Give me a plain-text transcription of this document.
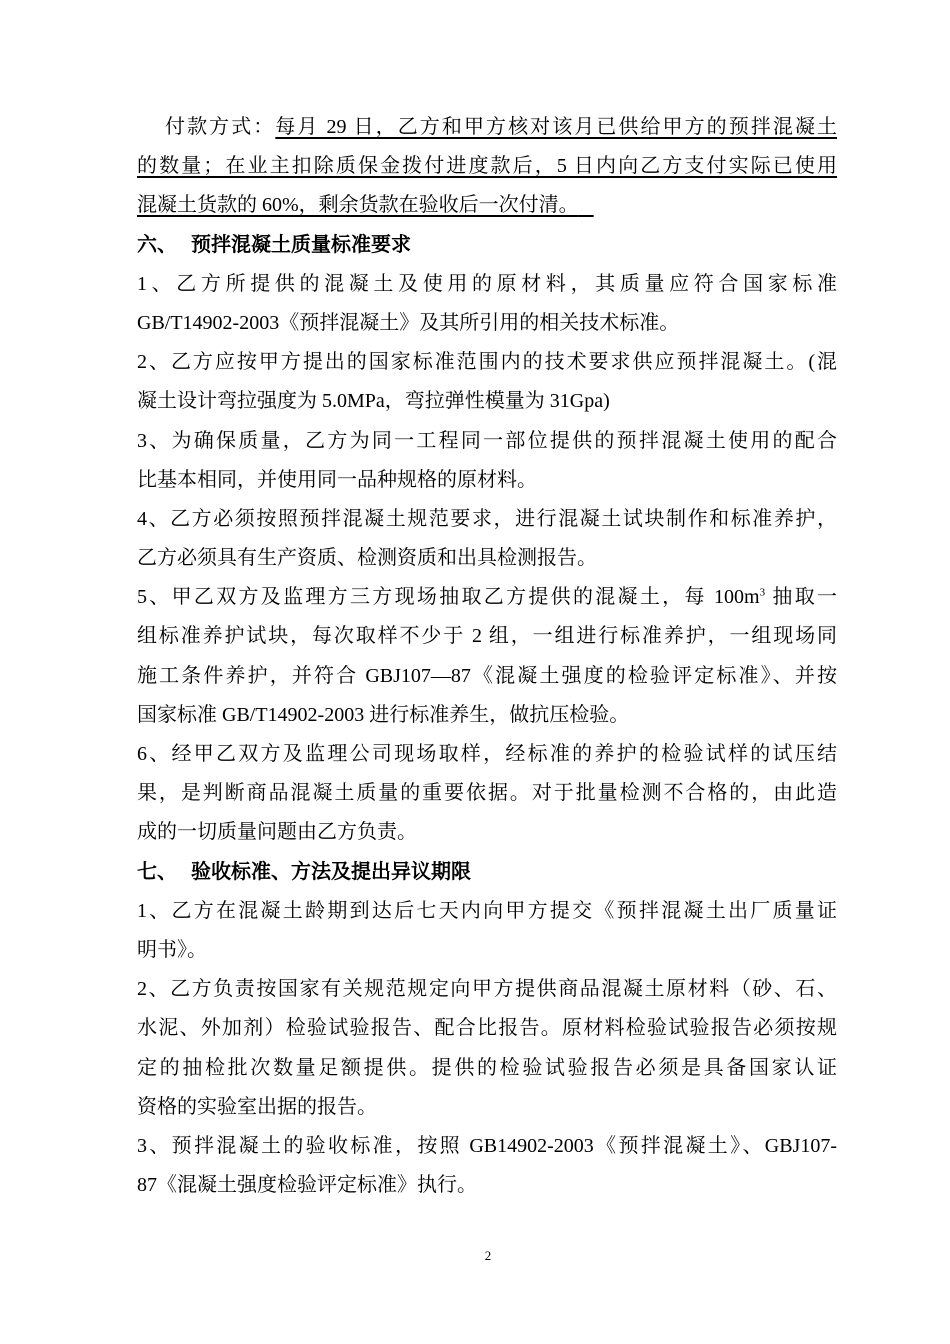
付款方式：每月 29 日，乙方和甲方核对该月已供给甲方的预拌混凝土
的数量；在业主扣除质保金拨付进度款后，5 日内向乙方支付实际已使用
混凝土货款的 60%，剩余货款在验收后一次付清。
六、 预拌混凝土质量标准要求
1、乙方所提供的混凝土及使用的原材料，其质量应符合国家标准
GB/T14902-2003《预拌混凝土》及其所引用的相关技术标准。
2、乙方应按甲方提出的国家标准范围内的技术要求供应预拌混凝土。(混
凝土设计弯拉强度为 5.0MPa，弯拉弹性模量为 31Gpa)
3、为确保质量，乙方为同一工程同一部位提供的预拌混凝土使用的配合
比基本相同，并使用同一品种规格的原材料。
4、乙方必须按照预拌混凝土规范要求，进行混凝土试块制作和标准养护，
乙方必须具有生产资质、检测资质和出具检测报告。
5、甲乙双方及监理方三方现场抽取乙方提供的混凝土，每 $100m^3$ 抽取一
组标准养护试块，每次取样不少于 2 组，一组进行标准养护，一组现场同
施工条件养护，并符合 GBJ107—87《混凝土强度的检验评定标准》、并按
国家标准 GB/T14902-2003 进行标准养生，做抗压检验。
6、经甲乙双方及监理公司现场取样，经标准的养护的检验试样的试压结
果，是判断商品混凝土质量的重要依据。对于批量检测不合格的，由此造
成的一切质量问题由乙方负责。
七、 验收标准、方法及提出异议期限
1、乙方在混凝土龄期到达后七天内向甲方提交《预拌混凝土出厂质量证
明书》。
2、乙方负责按国家有关规范规定向甲方提供商品混凝土原材料（砂、石、
水泥、外加剂）检验试验报告、配合比报告。原材料检验试验报告必须按规
定的抽检批次数量足额提供。提供的检验试验报告必须是具备国家认证
资格的实验室出据的报告。
3、预拌混凝土的验收标准，按照 GB14902-2003《预拌混凝土》、GBJ107-
87《混凝土强度检验评定标准》执行。
2
